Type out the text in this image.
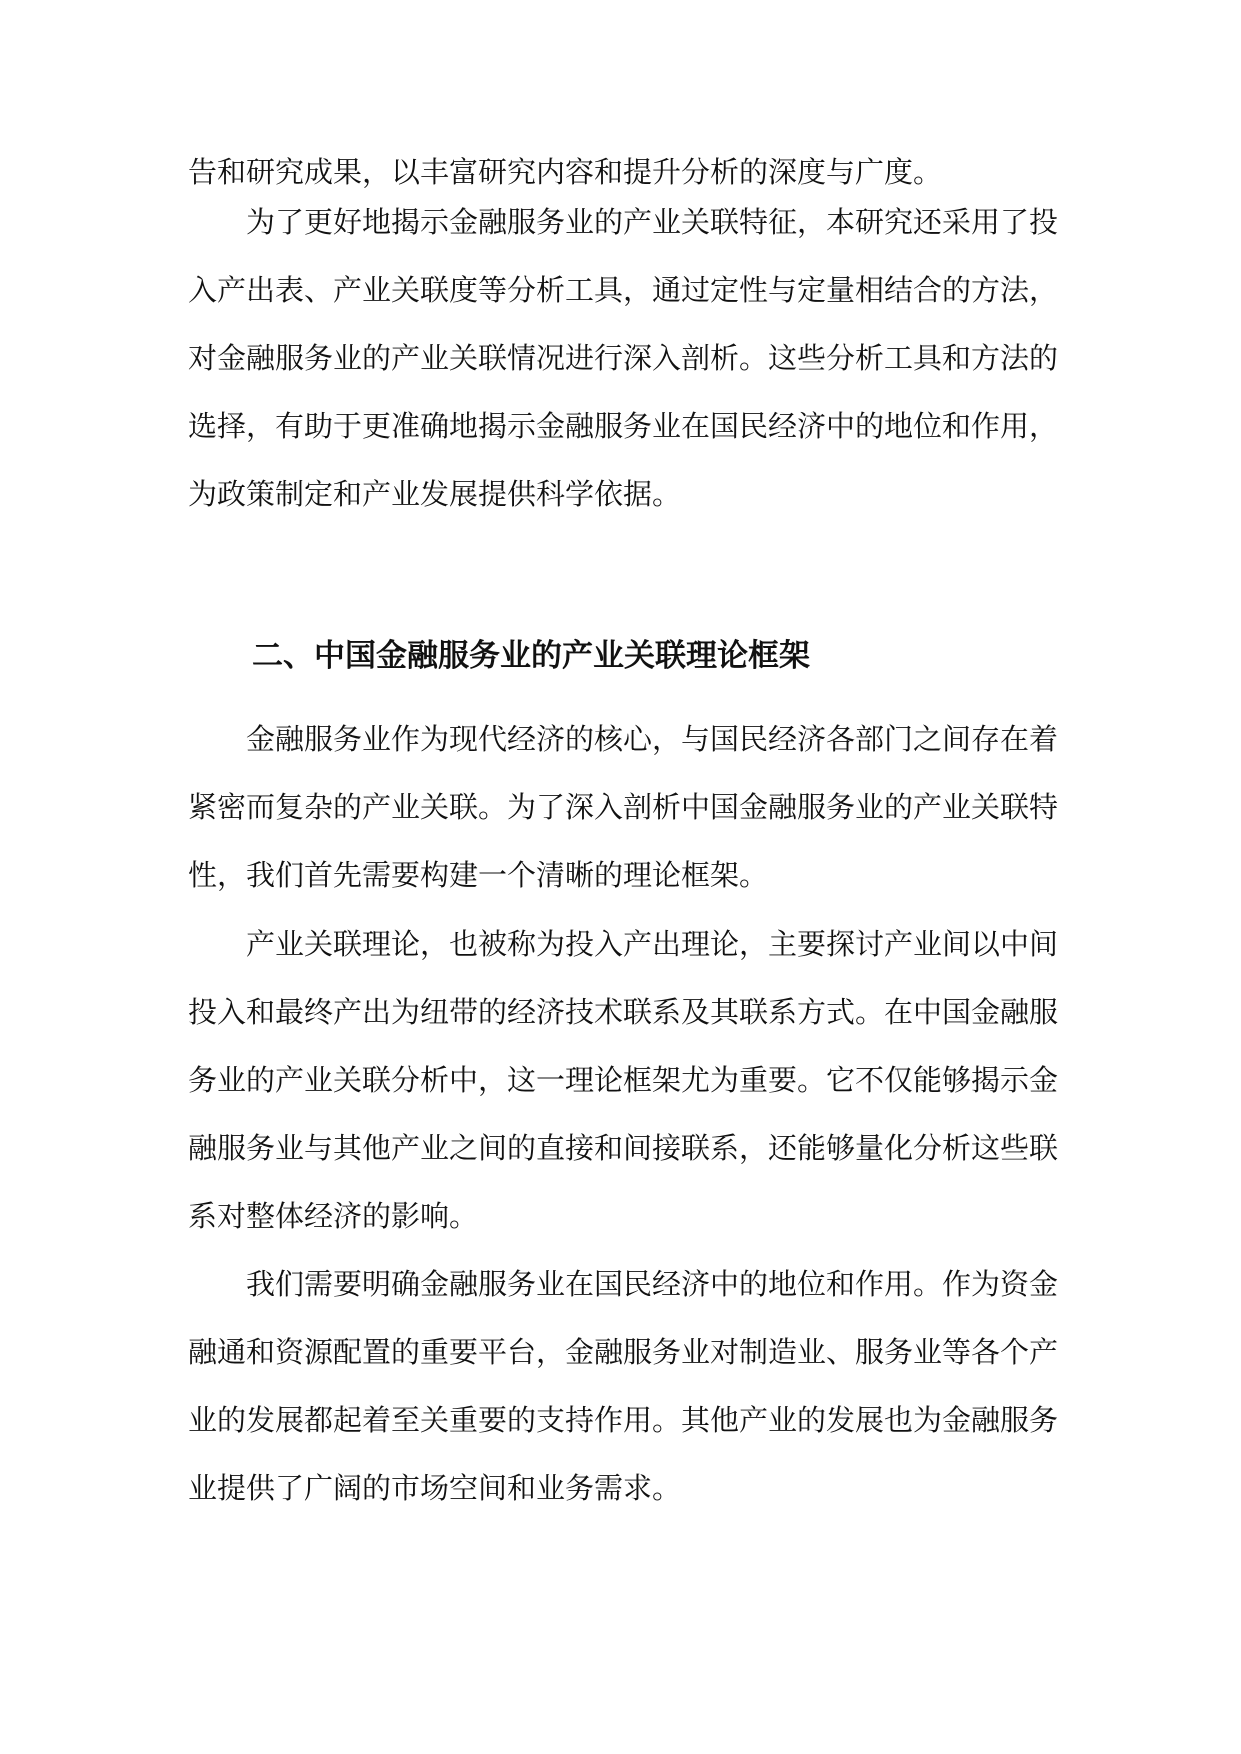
告和研究成果，以丰富研究内容和提升分析的深度与广度。
为了更好地揭示金融服务业的产业关联特征，本研究还采用了投
入产出表、产业关联度等分析工具，通过定性与定量相结合的方法，
对金融服务业的产业关联情况进行深入剖析。这些分析工具和方法的
选择，有助于更准确地揭示金融服务业在国民经济中的地位和作用，
为政策制定和产业发展提供科学依据。
二、中国金融服务业的产业关联理论框架
金融服务业作为现代经济的核心，与国民经济各部门之间存在着
紧密而复杂的产业关联。为了深入剖析中国金融服务业的产业关联特
性，我们首先需要构建一个清晰的理论框架。
产业关联理论，也被称为投入产出理论，主要探讨产业间以中间
投入和最终产出为纽带的经济技术联系及其联系方式。在中国金融服
务业的产业关联分析中，这一理论框架尤为重要。它不仅能够揭示金
融服务业与其他产业之间的直接和间接联系，还能够量化分析这些联
系对整体经济的影响。
我们需要明确金融服务业在国民经济中的地位和作用。作为资金
融通和资源配置的重要平台，金融服务业对制造业、服务业等各个产
业的发展都起着至关重要的支持作用。其他产业的发展也为金融服务
业提供了广阔的市场空间和业务需求。
